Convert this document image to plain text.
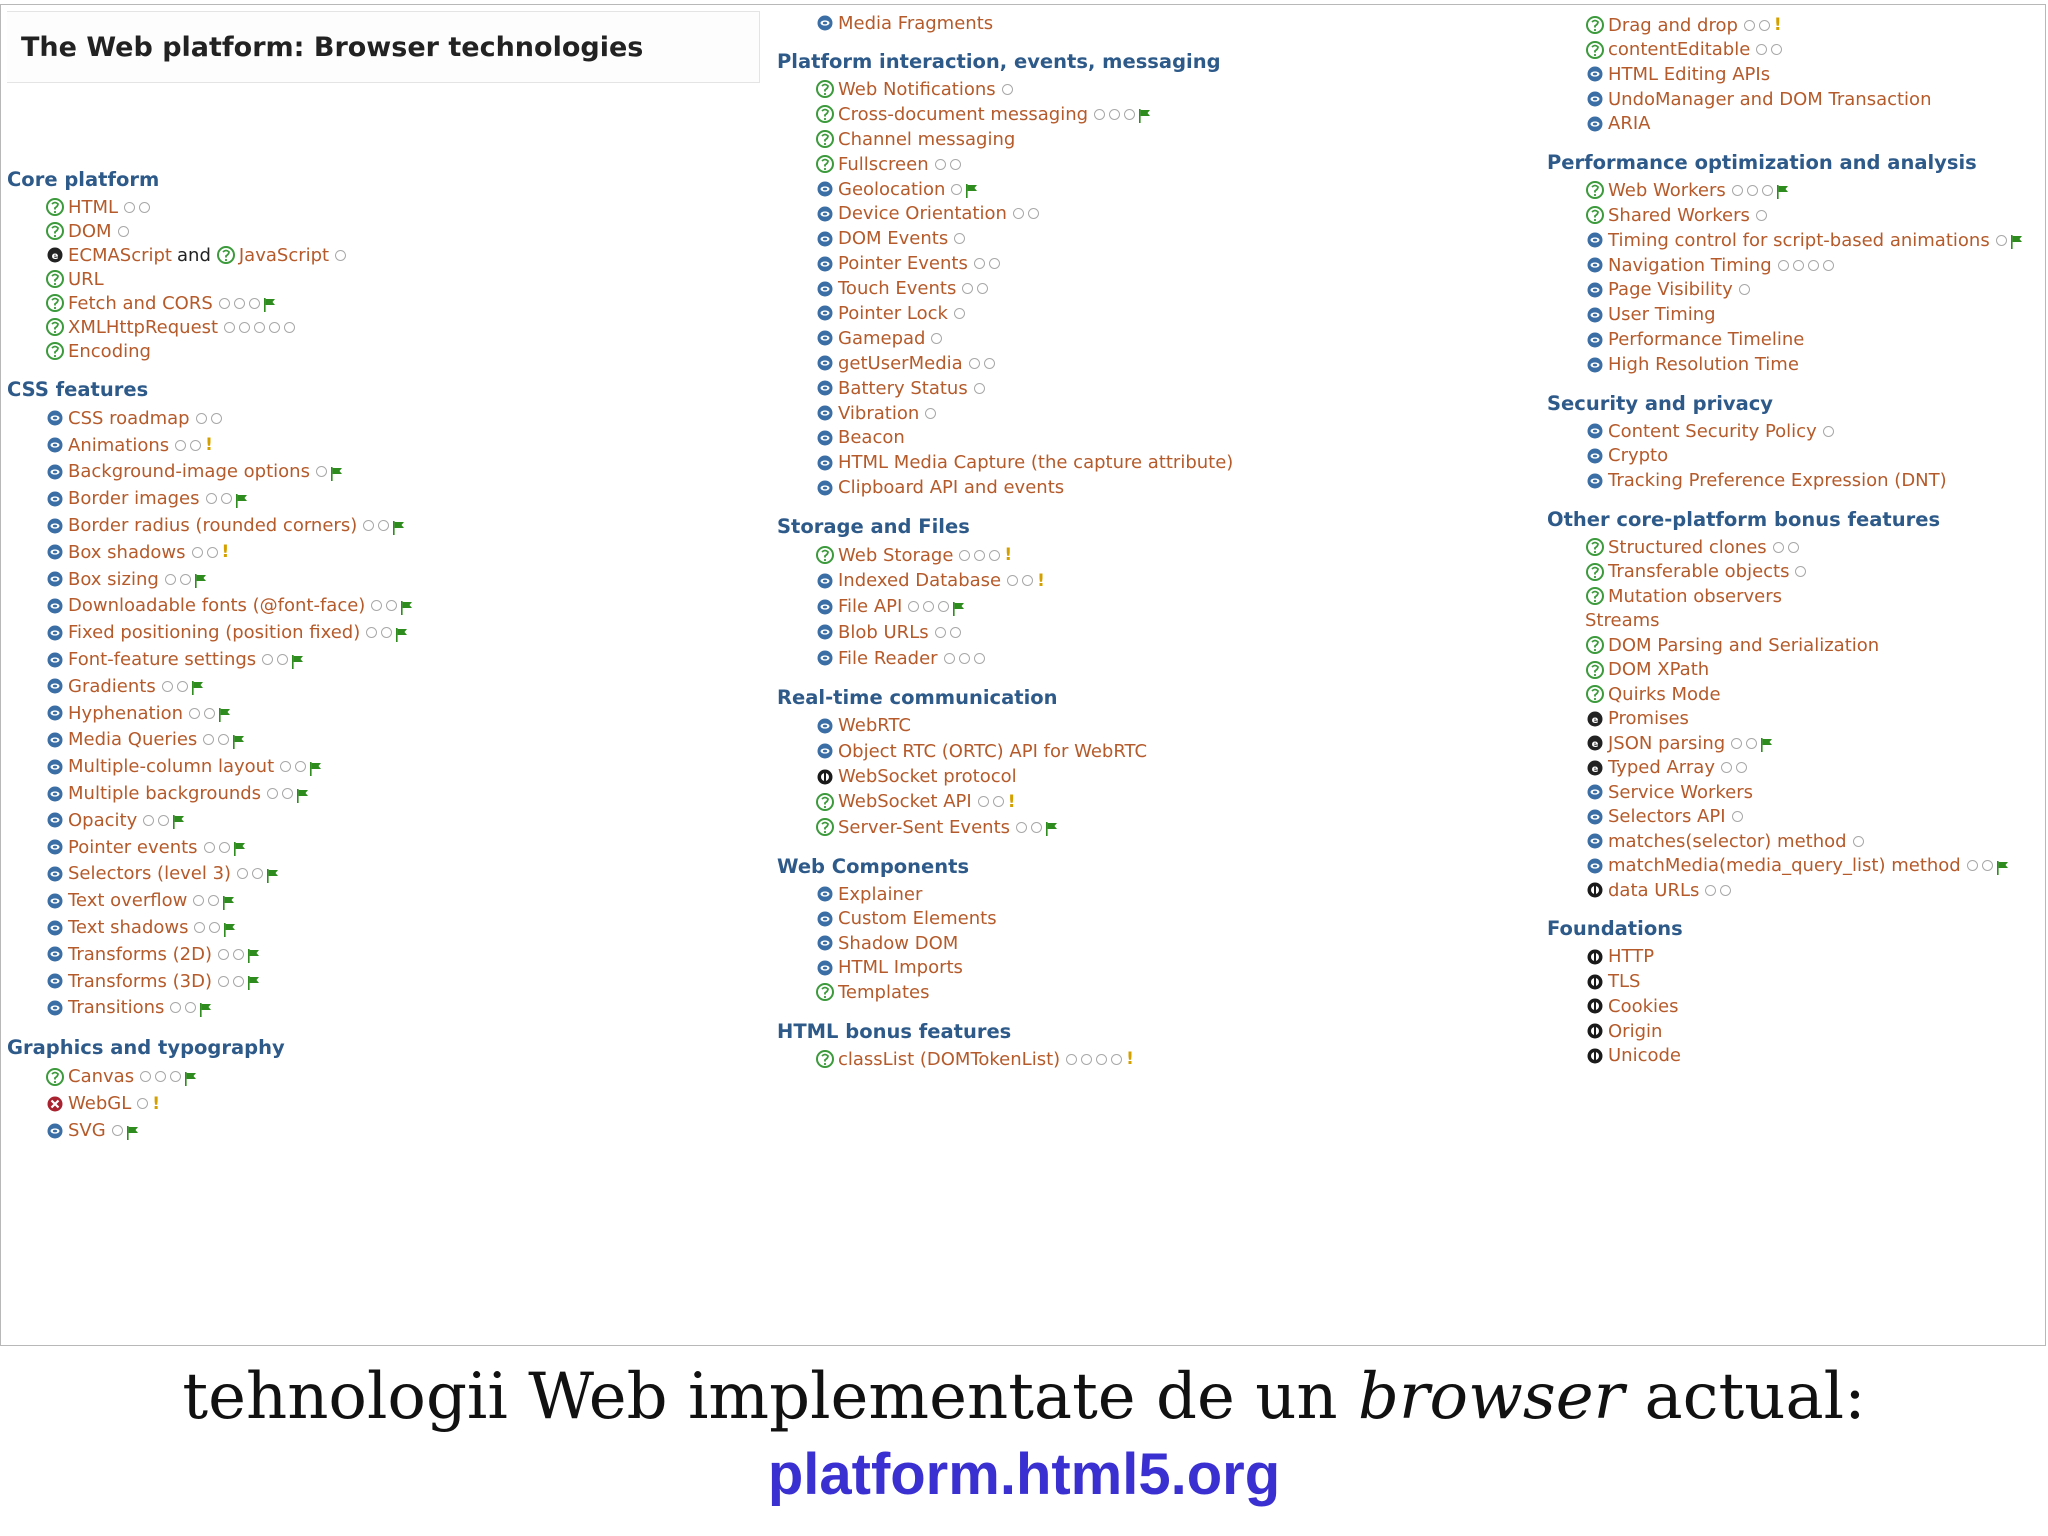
The Web platform: Browser technologies
Core platform
HTML
DOM
e ECMAScript and JavaScript
URL
Fetch and CORS
XMLHttpRequest
Encoding
CSS features
CSS roadmap
Animations !
Background-image options
Border images
Border radius (rounded corners)
Box shadows !
Box sizing
Downloadable fonts (@font-face)
Fixed positioning (position fixed)
Font-feature settings
Gradients
Hyphenation
Media Queries
Multiple-column layout
Multiple backgrounds
Opacity
Pointer events
Selectors (level 3)
Text overflow
Text shadows
Transforms (2D)
Transforms (3D)
Transitions
Graphics and typography
Canvas
WebGL !
SVG
Media Fragments
Platform interaction, events, messaging
Web Notifications
Cross-document messaging
Channel messaging
Fullscreen
Geolocation
Device Orientation
DOM Events
Pointer Events
Touch Events
Pointer Lock
Gamepad
getUserMedia
Battery Status
Vibration
Beacon
HTML Media Capture (the capture attribute)
Clipboard API and events
Storage and Files
Web Storage	!
Indexed Database !
File API
Blob URLs
File Reader
Real-time communication
WebRTC
Object RTC (ORTC) API for WebRTC
WebSocket protocol
WebSocket API !
Server-Sent Events
Web Components
Explainer
Custom Elements
Shadow DOM
HTML Imports
Templates
HTML bonus features
classList (DOMTokenList)	!
Drag and drop !
contentEditable
HTML Editing APIs
UndoManager and DOM Transaction
ARIA
Performance optimization and analysis
Web Workers
Shared Workers
Timing control for script-based animations
Navigation Timing
Page Visibility
User Timing
Performance Timeline
High Resolution Time
Security and privacy
Content Security Policy
Crypto
Tracking Preference Expression (DNT)
Other core-platform bonus features
Structured clones
Transferable objects
Mutation observers
Streams
DOM Parsing and Serialization
DOM XPath
Quirks Mode
e Promises
e JSON parsing
e Typed Array
Service Workers
Selectors API
matches(selector) method
matchMedia(media_query_list) method
data URLs
Foundations
HTTP
TLS
Cookies
Origin
Unicode
tehnologii Web implementate de un browser actual:
platform.html5.org
